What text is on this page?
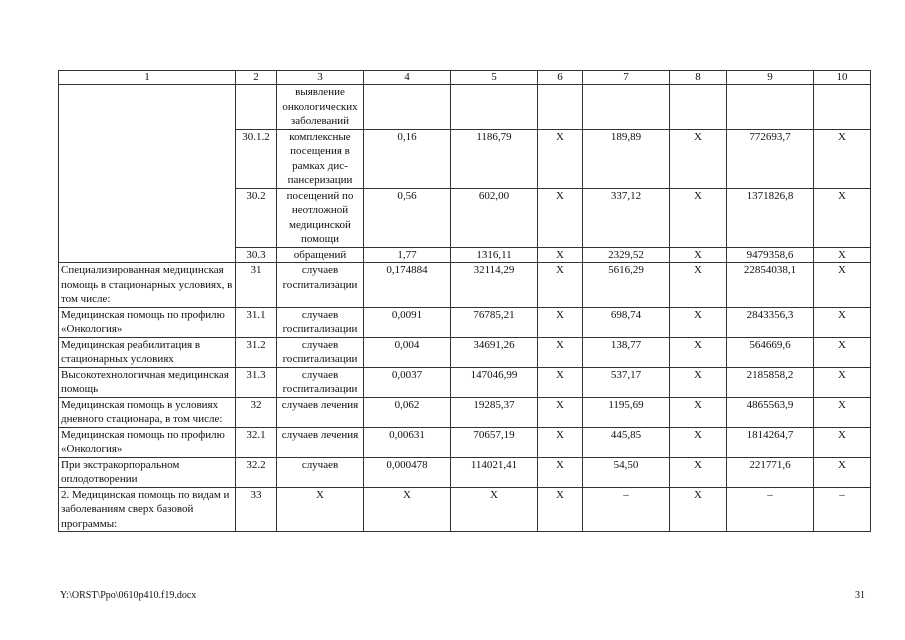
1	2	3	4	5	6	7	8	9	10
		выявление онкологических заболеваний							
	30.1.2	комплексные посещения в рамках дис-пансеризации	0,16	1186,79	Х	189,89	Х	772693,7	Х
	30.2	посещений по неотложной медицинской помощи	0,56	602,00	Х	337,12	Х	1371826,8	Х
	30.3	обращений	1,77	1316,11	Х	2329,52	Х	9479358,6	Х
Специализированная медицинская помощь в стационарных условиях, в том числе:	31	случаев госпитализации	0,174884	32114,29	Х	5616,29	Х	22854038,1	Х
Медицинская помощь по профилю «Онкология»	31.1	случаев госпитализации	0,0091	76785,21	Х	698,74	Х	2843356,3	Х
Медицинская реабилитация в стационарных условиях	31.2	случаев госпитализации	0,004	34691,26	Х	138,77	Х	564669,6	Х
Высокотехнологичная медицинская помощь	31.3	случаев госпитализации	0,0037	147046,99	Х	537,17	Х	2185858,2	Х
Медицинская помощь в условиях дневного стационара, в том числе:	32	случаев лечения	0,062	19285,37	Х	1195,69	Х	4865563,9	Х
Медицинская помощь по профилю «Онкология»	32.1	случаев лечения	0,00631	70657,19	Х	445,85	Х	1814264,7	Х
При экстракорпоральном оплодотворении	32.2	случаев	0,000478	114021,41	Х	54,50	Х	221771,6	Х
2. Медицинская помощь по видам и заболеваниям сверх базовой программы:	33	Х	Х	Х	Х	–	Х	–	–
Y:\ORST\Ppo\0610p410.f19.docx	31
